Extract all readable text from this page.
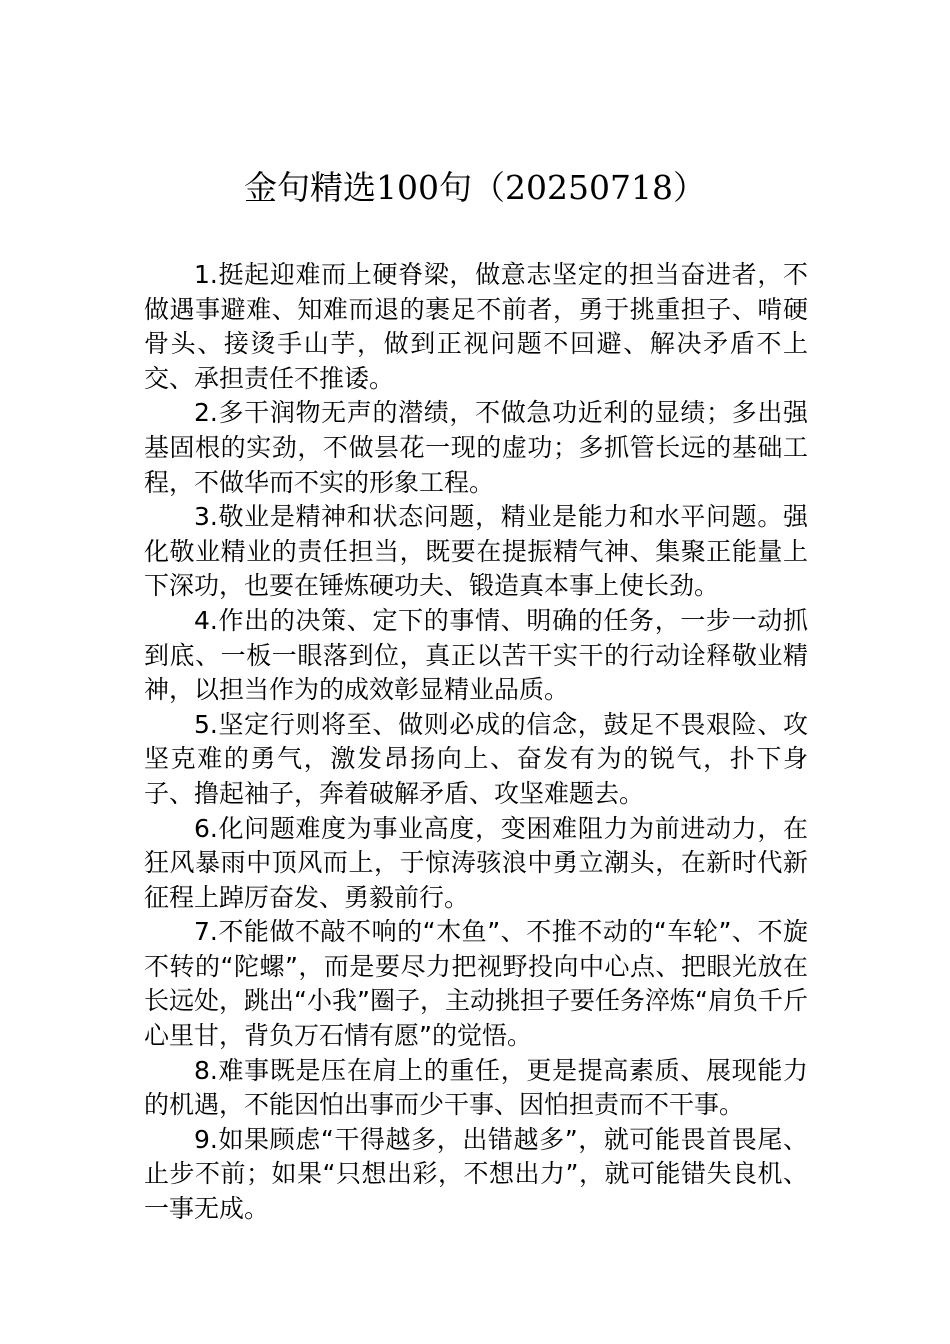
金句精选100句（20250718）

1.挺起迎难而上硬脊梁，做意志坚定的担当奋进者，不做遇事避难、知难而退的裹足不前者，勇于挑重担子、啃硬骨头、接烫手山芋，做到正视问题不回避、解决矛盾不上交、承担责任不推诿。

2.多干润物无声的潜绩，不做急功近利的显绩；多出强基固根的实劲，不做昙花一现的虚功；多抓管长远的基础工程，不做华而不实的形象工程。

3.敬业是精神和状态问题，精业是能力和水平问题。强化敬业精业的责任担当，既要在提振精气神、集聚正能量上下深功，也要在锤炼硬功夫、锻造真本事上使长劲。

4.作出的决策、定下的事情、明确的任务，一步一动抓到底、一板一眼落到位，真正以苦干实干的行动诠释敬业精神，以担当作为的成效彰显精业品质。

5.坚定行则将至、做则必成的信念，鼓足不畏艰险、攻坚克难的勇气，激发昂扬向上、奋发有为的锐气，扑下身子、撸起袖子，奔着破解矛盾、攻坚难题去。

6.化问题难度为事业高度，变困难阻力为前进动力，在狂风暴雨中顶风而上，于惊涛骇浪中勇立潮头，在新时代新征程上踔厉奋发、勇毅前行。

7.不能做不敲不响的“木鱼”、不推不动的“车轮”、不旋不转的“陀螺”，而是要尽力把视野投向中心点、把眼光放在长远处，跳出“小我”圈子，主动挑担子要任务淬炼“肩负千斤心里甘，背负万石情有愿”的觉悟。

8.难事既是压在肩上的重任，更是提高素质、展现能力的机遇，不能因怕出事而少干事、因怕担责而不干事。

9.如果顾虑“干得越多，出错越多”，就可能畏首畏尾、止步不前；如果“只想出彩，不想出力”，就可能错失良机、一事无成。
